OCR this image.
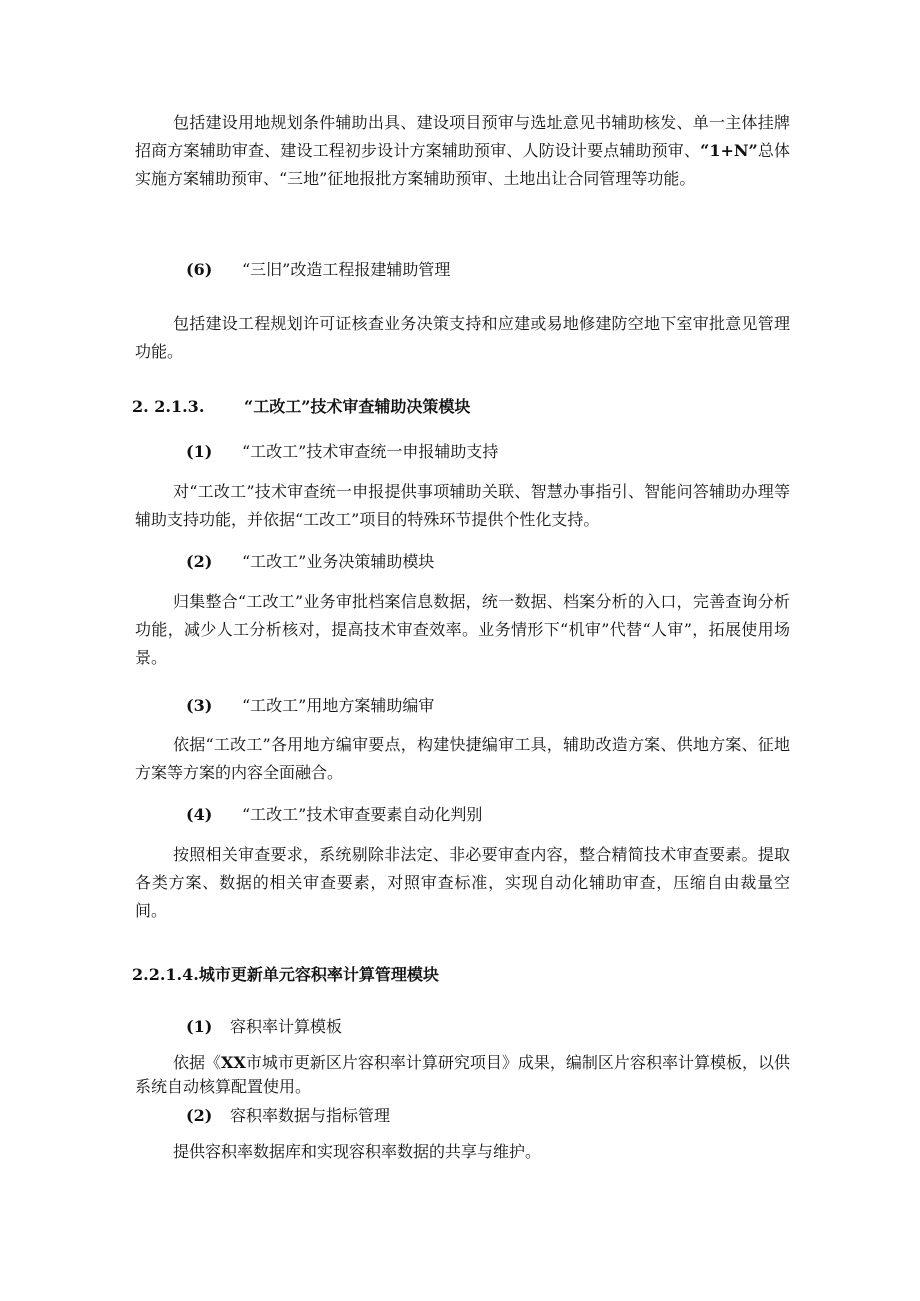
包括建设用地规划条件辅助出具、建设项目预审与选址意见书辅助核发、单一主体挂牌招商方案辅助审查、建设工程初步设计方案辅助预审、人防设计要点辅助预审、“1+N”总体实施方案辅助预审、“三地”征地报批方案辅助预审、土地出让合同管理等功能。

(6) “三旧”改造工程报建辅助管理

包括建设工程规划许可证核查业务决策支持和应建或易地修建防空地下室审批意见管理功能。

2. 2.1.3. “工改工”技术审查辅助决策模块
(1) “工改工”技术审查统一申报辅助支持

对“工改工”技术审查统一申报提供事项辅助关联、智慧办事指引、智能问答辅助办理等辅助支持功能，并依据“工改工”项目的特殊环节提供个性化支持。

(2) “工改工”业务决策辅助模块

归集整合“工改工”业务审批档案信息数据，统一数据、档案分析的入口，完善查询分析功能，减少人工分析核对，提高技术审查效率。业务情形下“机审”代替“人审”，拓展使用场景。

(3) “工改工”用地方案辅助编审

依据“工改工”各用地方编审要点，构建快捷编审工具，辅助改造方案、供地方案、征地方案等方案的内容全面融合。

(4) “工改工”技术审查要素自动化判别

按照相关审查要求，系统剔除非法定、非必要审查内容，整合精简技术审查要素。提取各类方案、数据的相关审查要素，对照审查标准，实现自动化辅助审查，压缩自由裁量空间。

2.2.1.4.城市更新单元容积率计算管理模块
(1) 容积率计算模板

依据《XX市城市更新区片容积率计算研究项目》成果，编制区片容积率计算模板，以供系统自动核算配置使用。

(2) 容积率数据与指标管理

提供容积率数据库和实现容积率数据的共享与维护。
